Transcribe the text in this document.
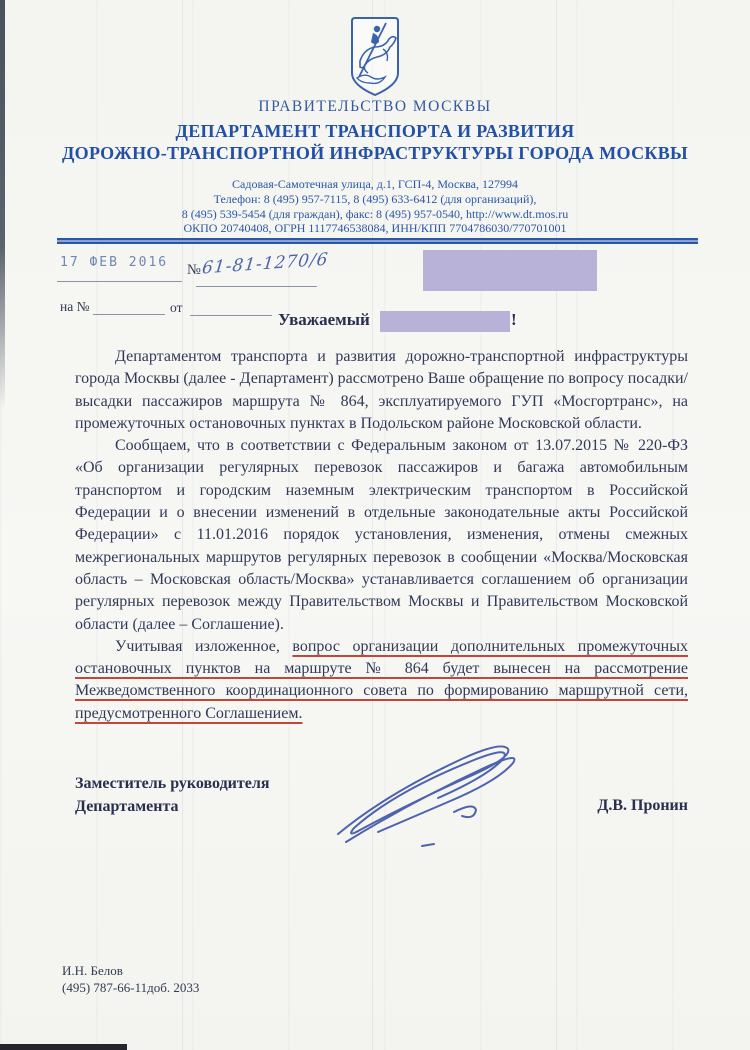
ПРАВИТЕЛЬСТВО МОСКВЫ
ДЕПАРТАМЕНТ ТРАНСПОРТА И РАЗВИТИЯ
ДОРОЖНО-ТРАНСПОРТНОЙ ИНФРАСТРУКТУРЫ ГОРОДА МОСКВЫ
Садовая-Самотечная улица, д.1, ГСП-4, Москва, 127994
Телефон: 8 (495) 957-7115, 8 (495) 633-6412 (для организаций),
8 (495) 539-5454 (для граждан), факс: 8 (495) 957-0540, http://www.dt.mos.ru
ОКПО 20740408, ОГРН 1117746538084, ИНН/КПП 7704786030/770701001
17 ФЕВ 2016 № 61-81-1270/6
на №	от
Уважаемый	!

Департаментом транспорта и развития дорожно-транспортной инфраструктуры города Москвы (далее - Департамент) рассмотрено Ваше обращение по вопросу посадки/высадки пассажиров маршрута № 864, эксплуатируемого ГУП «Мосгортранс», на промежуточных остановочных пунктах в Подольском районе Московской области.

Сообщаем, что в соответствии с Федеральным законом от 13.07.2015 № 220-ФЗ «Об организации регулярных перевозок пассажиров и багажа автомобильным транспортом и городским наземным электрическим транспортом в Российской Федерации и о внесении изменений в отдельные законодательные акты Российской Федерации» с 11.01.2016 порядок установления, изменения, отмены смежных межрегиональных маршрутов регулярных перевозок в сообщении «Москва/Московская область – Московская область/Москва» устанавливается соглашением об организации регулярных перевозок между Правительством Москвы и Правительством Московской области (далее – Соглашение).

Учитывая изложенное, вопрос организации дополнительных промежуточных остановочных пунктов на маршруте № 864 будет вынесен на рассмотрение Межведомственного координационного совета по формированию маршрутной сети, предусмотренного Соглашением.

Заместитель руководителя
Департамента	Д.В. Пронин
И.Н. Белов
(495) 787-66-11доб. 2033
